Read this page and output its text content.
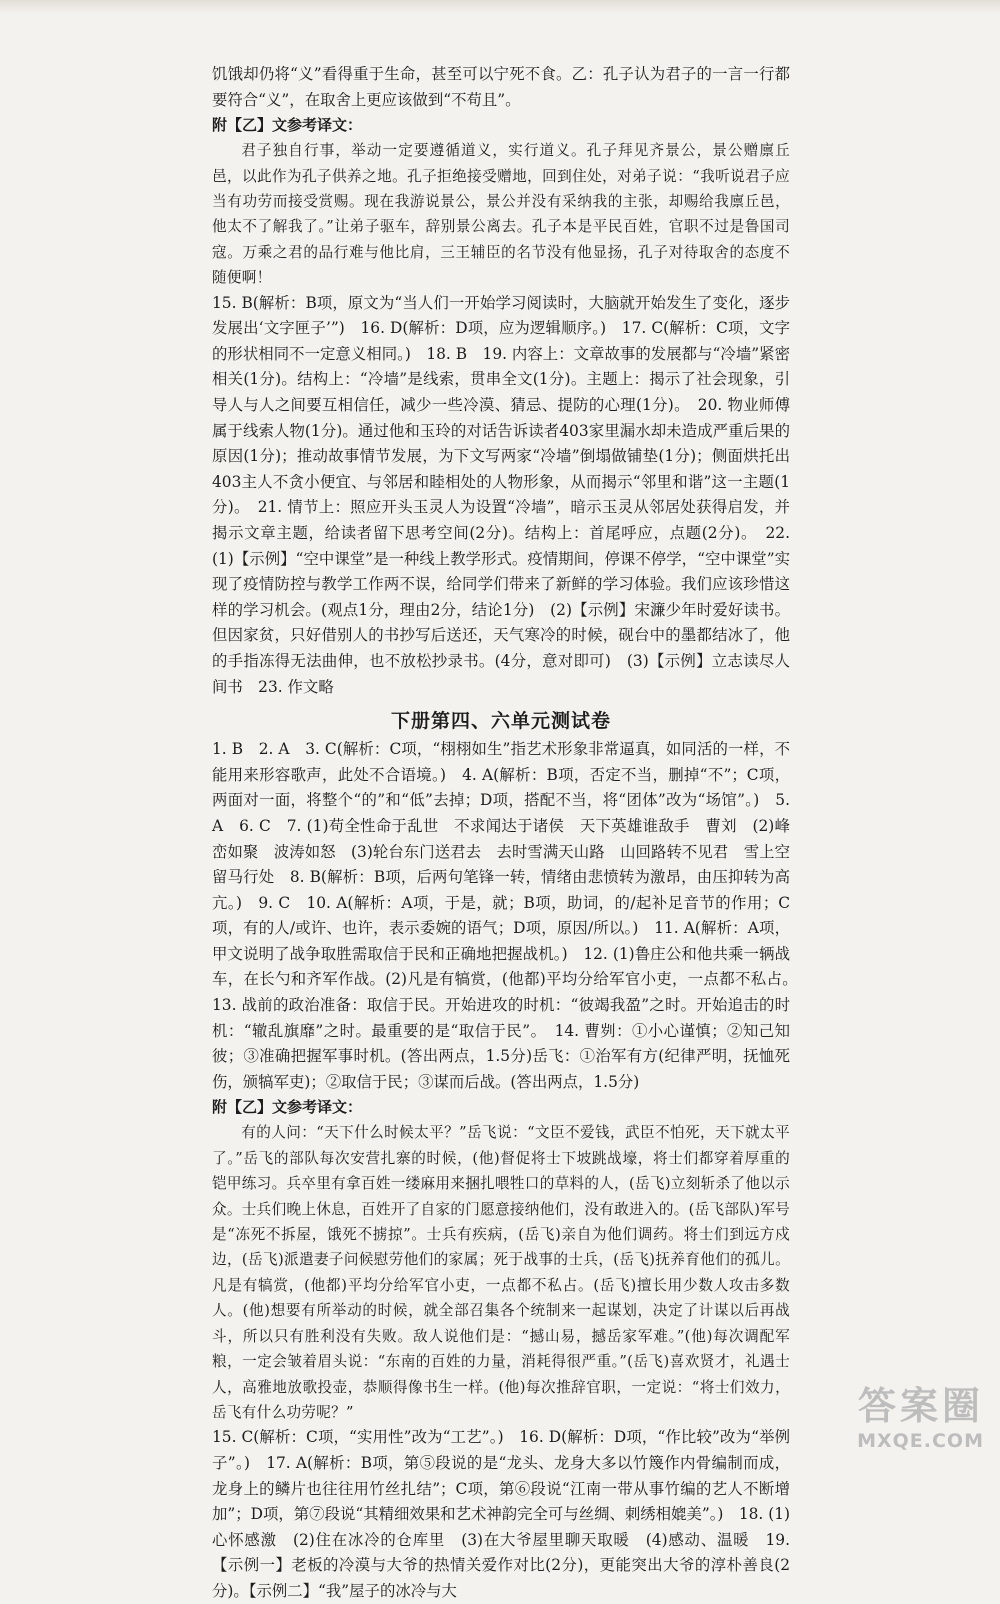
饥饿却仍将“义”看得重于生命，甚至可以宁死不食。乙：孔子认为君子的一言一行都要符合“义”，在取舍上更应该做到“不苟且”。

附【乙】文参考译文：

君子独自行事，举动一定要遵循道义，实行道义。孔子拜见齐景公，景公赠廪丘邑，以此作为孔子供养之地。孔子拒绝接受赠地，回到住处，对弟子说：“我听说君子应当有功劳而接受赏赐。现在我游说景公，景公并没有采纳我的主张，却赐给我廪丘邑，他太不了解我了。”让弟子驱车，辞别景公离去。孔子本是平民百姓，官职不过是鲁国司寇。万乘之君的品行难与他比肩，三王辅臣的名节没有他显扬，孔子对待取舍的态度不随便啊！

15. B(解析：B项，原文为“当人们一开始学习阅读时，大脑就开始发生了变化，逐步发展出‘文字匣子’”)　16. D(解析：D项，应为逻辑顺序。)　17. C(解析：C项，文字的形状相同不一定意义相同。)　18. B　19. 内容上：文章故事的发展都与“冷墙”紧密相关(1分)。结构上：“冷墙”是线索，贯串全文(1分)。主题上：揭示了社会现象，引导人与人之间要互相信任，减少一些冷漠、猜忌、提防的心理(1分)。　20. 物业师傅属于线索人物(1分)。通过他和玉玲的对话告诉读者403家里漏水却未造成严重后果的原因(1分)；推动故事情节发展，为下文写两家“冷墙”倒塌做铺垫(1分)；侧面烘托出403主人不贪小便宜、与邻居和睦相处的人物形象，从而揭示“邻里和谐”这一主题(1分)。　21. 情节上：照应开头玉灵人为设置“冷墙”，暗示玉灵从邻居处获得启发，并揭示文章主题，给读者留下思考空间(2分)。结构上：首尾呼应，点题(2分)。　22. (1)【示例】“空中课堂”是一种线上教学形式。疫情期间，停课不停学，“空中课堂”实现了疫情防控与教学工作两不误，给同学们带来了新鲜的学习体验。我们应该珍惜这样的学习机会。(观点1分，理由2分，结论1分)　(2)【示例】宋濂少年时爱好读书。但因家贫，只好借别人的书抄写后送还，天气寒冷的时候，砚台中的墨都结冰了，他的手指冻得无法曲伸，也不放松抄录书。(4分，意对即可)　(3)【示例】立志读尽人间书　23. 作文略

下册第四、六单元测试卷

1. B　2. A　3. C(解析：C项，“栩栩如生”指艺术形象非常逼真，如同活的一样，不能用来形容歌声，此处不合语境。)　4. A(解析：B项，否定不当，删掉“不”；C项，两面对一面，将整个“的”和“低”去掉；D项，搭配不当，将“团体”改为“场馆”。)　5. A　6. C　7. (1)苟全性命于乱世　不求闻达于诸侯　天下英雄谁敌手　曹刘　(2)峰峦如聚　波涛如怒　(3)轮台东门送君去　去时雪满天山路　山回路转不见君　雪上空留马行处　8. B(解析：B项，后两句笔锋一转，情绪由悲愤转为激昂，由压抑转为高亢。)　9. C　10. A(解析：A项，于是，就；B项，助词，的/起补足音节的作用；C项，有的人/或许、也许，表示委婉的语气；D项，原因/所以。)　11. A(解析：A项，甲文说明了战争取胜需取信于民和正确地把握战机。)　12. (1)鲁庄公和他共乘一辆战车，在长勺和齐军作战。(2)凡是有犒赏，(他都)平均分给军官小吏，一点都不私占。　13. 战前的政治准备：取信于民。开始进攻的时机：“彼竭我盈”之时。开始追击的时机：“辙乱旗靡”之时。最重要的是“取信于民”。　14. 曹刿：①小心谨慎；②知己知彼；③准确把握军事时机。(答出两点，1.5分)岳飞：①治军有方(纪律严明，抚恤死伤，颁犒军吏)；②取信于民；③谋而后战。(答出两点，1.5分)

附【乙】文参考译文：

有的人问：“天下什么时候太平？”岳飞说：“文臣不爱钱，武臣不怕死，天下就太平了。”岳飞的部队每次安营扎寨的时候，(他)督促将士下坡跳战壕，将士们都穿着厚重的铠甲练习。兵卒里有拿百姓一缕麻用来捆扎喂牲口的草料的人，(岳飞)立刻斩杀了他以示众。士兵们晚上休息，百姓开了自家的门愿意接纳他们，没有敢进入的。(岳飞部队)军号是“冻死不拆屋，饿死不掳掠”。士兵有疾病，(岳飞)亲自为他们调药。将士们到远方戍边，(岳飞)派遣妻子问候慰劳他们的家属；死于战事的士兵，(岳飞)抚养育他们的孤儿。凡是有犒赏，(他都)平均分给军官小吏，一点都不私占。(岳飞)擅长用少数人攻击多数人。(他)想要有所举动的时候，就全部召集各个统制来一起谋划，决定了计谋以后再战斗，所以只有胜利没有失败。敌人说他们是：“撼山易，撼岳家军难。”(他)每次调配军粮，一定会皱着眉头说：“东南的百姓的力量，消耗得很严重。”(岳飞)喜欢贤才，礼遇士人，高雅地放歌投壶，恭顺得像书生一样。(他)每次推辞官职，一定说：“将士们效力，岳飞有什么功劳呢？”

15. C(解析：C项，“实用性”改为“工艺”。)　16. D(解析：D项，“作比较”改为“举例子”。)　17. A(解析：B项，第⑤段说的是“龙头、龙身大多以竹篾作内骨编制而成，龙身上的鳞片也往往用竹丝扎结”；C项，第⑥段说“江南一带从事竹编的艺人不断增加”；D项，第⑦段说“其精细效果和艺术神韵完全可与丝绸、刺绣相媲美”。)　18. (1)心怀感激　(2)住在冰冷的仓库里　(3)在大爷屋里聊天取暖　(4)感动、温暖　19. 【示例一】老板的冷漠与大爷的热情关爱作对比(2分)，更能突出大爷的淳朴善良(2分)。【示例二】“我”屋子的冰冷与大

答案圈
MXQE.COM
